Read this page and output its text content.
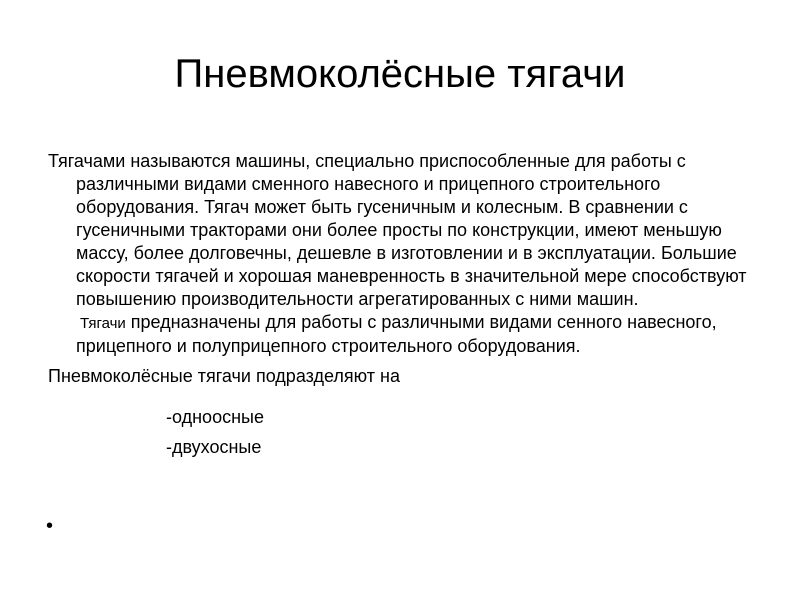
Пневмоколёсные тягачи

Тягачами называются машины, специально приспособленные для работы с различными видами сменного навесного и прицепного строительного оборудования. Тягач может быть гусеничным и колесным. В сравнении с гусеничными тракторами они более просты по конструкции, имеют меньшую массу, более долговечны, дешевле в изготовлении и в эксплуатации. Большие скорости тягачей и хорошая маневренность в значительной мере способствуют повышению производительности агрегатированных с ними машин.

Тягачи предназначены для работы с различными видами сенного навесного, прицепного и полуприцепного строительного оборудования.

Пневмоколёсные тягачи подразделяют на

-одноосные

-двухосные

•
